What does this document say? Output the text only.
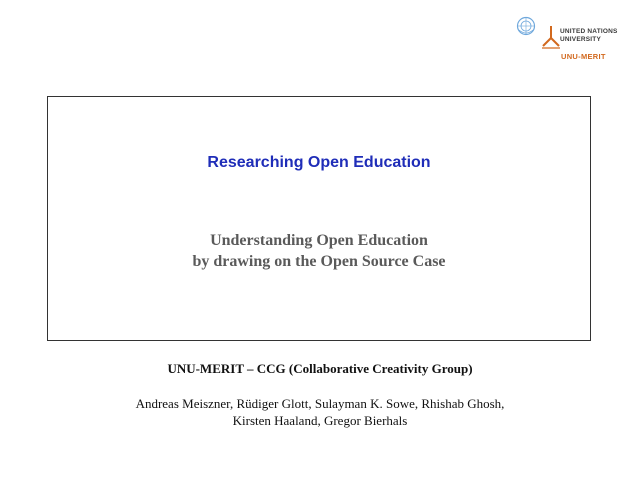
UNITED NATIONS
UNIVERSITY
UNU-MERIT
Researching Open Education
Understanding Open Education
by drawing on the Open Source Case
UNU-MERIT – CCG (Collaborative Creativity Group)
Andreas Meiszner, Rüdiger Glott, Sulayman K. Sowe, Rhishab Ghosh,
Kirsten Haaland, Gregor Bierhals
